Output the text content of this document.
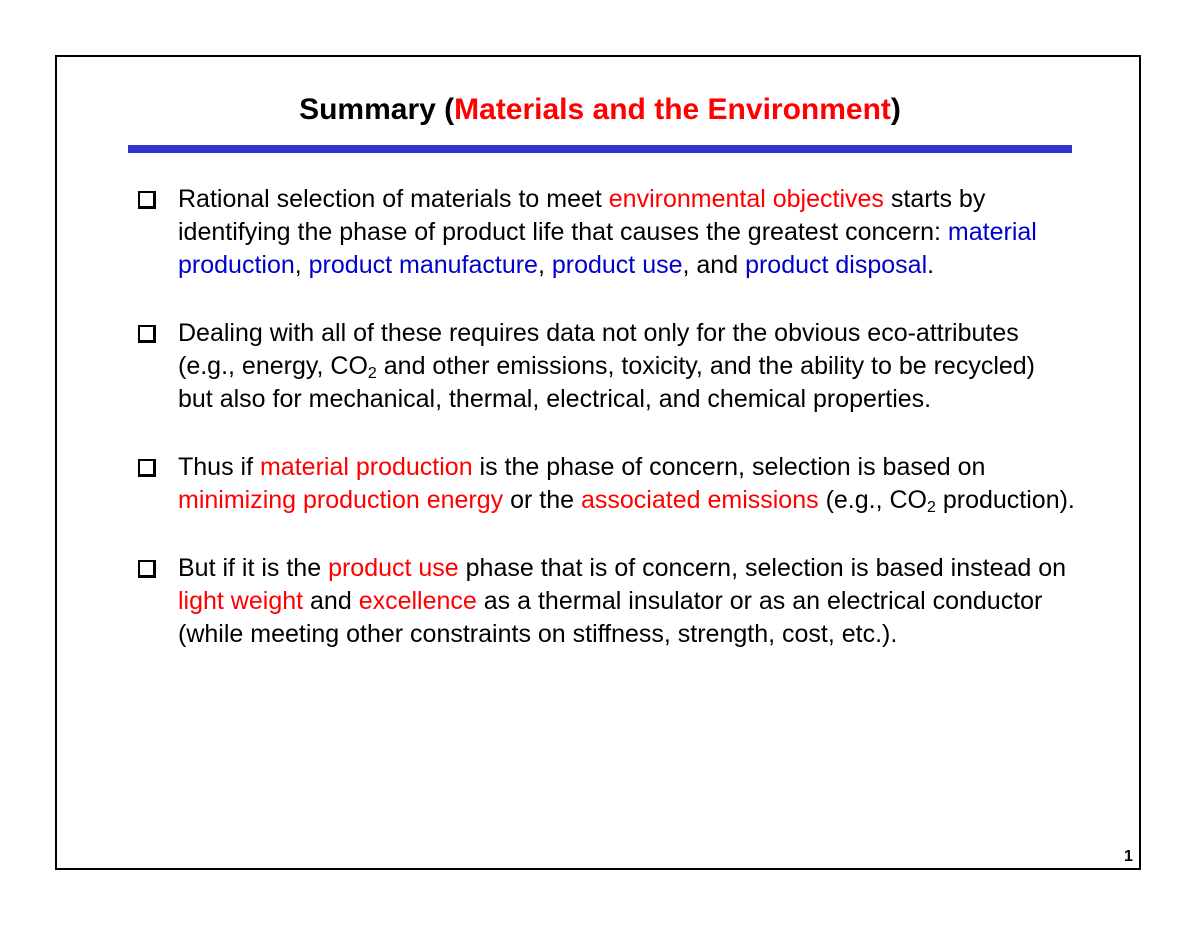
Summary (Materials and the Environment)
Rational selection of materials to meet environmental objectives starts by identifying the phase of product life that causes the greatest concern: material production, product manufacture, product use, and product disposal.
Dealing with all of these requires data not only for the obvious eco-attributes (e.g., energy, $CO_2$ and other emissions, toxicity, and the ability to be recycled) but also for mechanical, thermal, electrical, and chemical properties.
Thus if material production is the phase of concern, selection is based on minimizing production energy or the associated emissions (e.g., $CO_2$ production).
But if it is the product use phase that is of concern, selection is based instead on light weight and excellence as a thermal insulator or as an electrical conductor (while meeting other constraints on stiffness, strength, cost, etc.).
1
